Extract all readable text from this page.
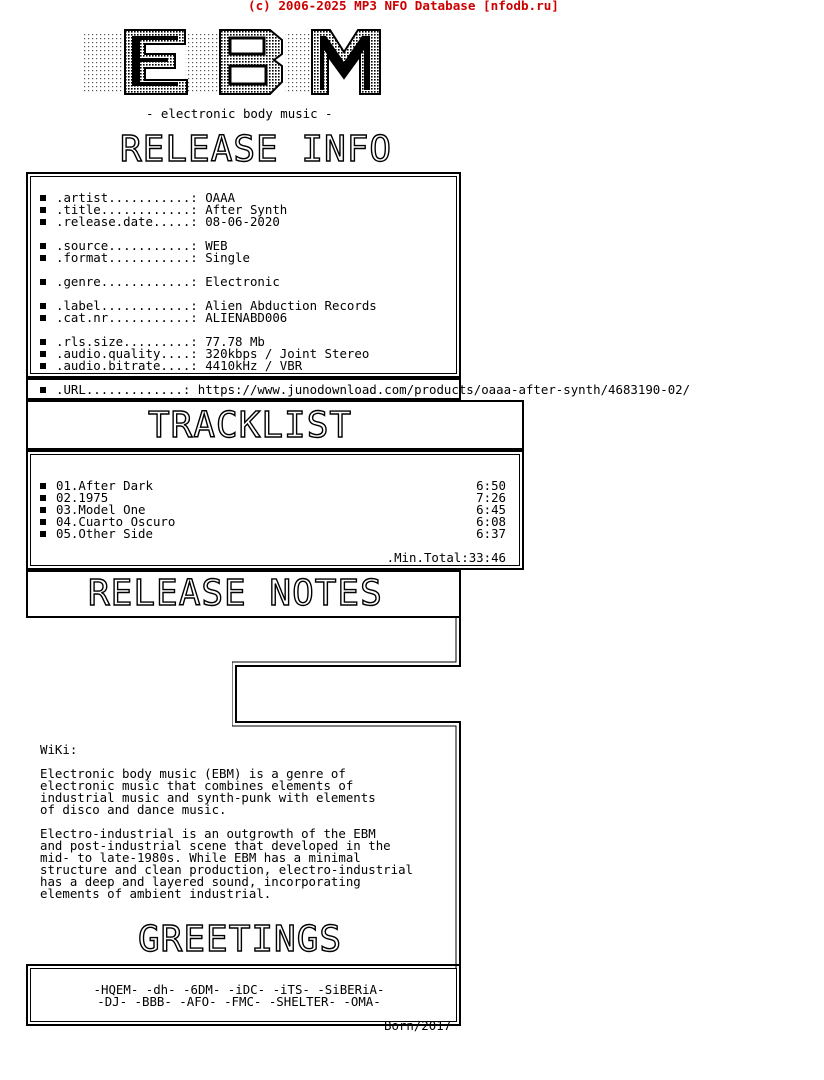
(c) 2006-2025 MP3 NFO Database [nfodb.ru]
- electronic body music -
RELEASE INFO
.artist...........: OAAA
.title............: After Synth
.release.date.....: 08-06-2020
.source...........: WEB
.format...........: Single
.genre............: Electronic
.label............: Alien Abduction Records
.cat.nr...........: ALIENABD006
.rls.size.........: 77.78 Mb
.audio.quality....: 320kbps / Joint Stereo
.audio.bitrate....: 4410kHz / VBR
.URL.............: https://www.junodownload.com/products/oaaa-after-synth/4683190-02/
TRACKLIST
01.After Dark	6:50
02.1975	7:26
03.Model One	6:45
04.Cuarto Oscuro	6:08
05.Other Side	6:37
.Min.Total:33:46
RELEASE NOTES
WiKi:
Electronic body music (EBM) is a genre of
electronic music that combines elements of
industrial music and synth-punk with elements
of disco and dance music.
Electro-industrial is an outgrowth of the EBM
and post-industrial scene that developed in the
mid- to late-1980s. While EBM has a minimal
structure and clean production, electro-industrial
has a deep and layered sound, incorporating
elements of ambient industrial.
GREETINGS
-HQEM- -dh- -6DM- -iDC- -iTS- -SiBERiA-
-DJ- -BBB- -AFO- -FMC- -SHELTER- -OMA-
Born/2017
